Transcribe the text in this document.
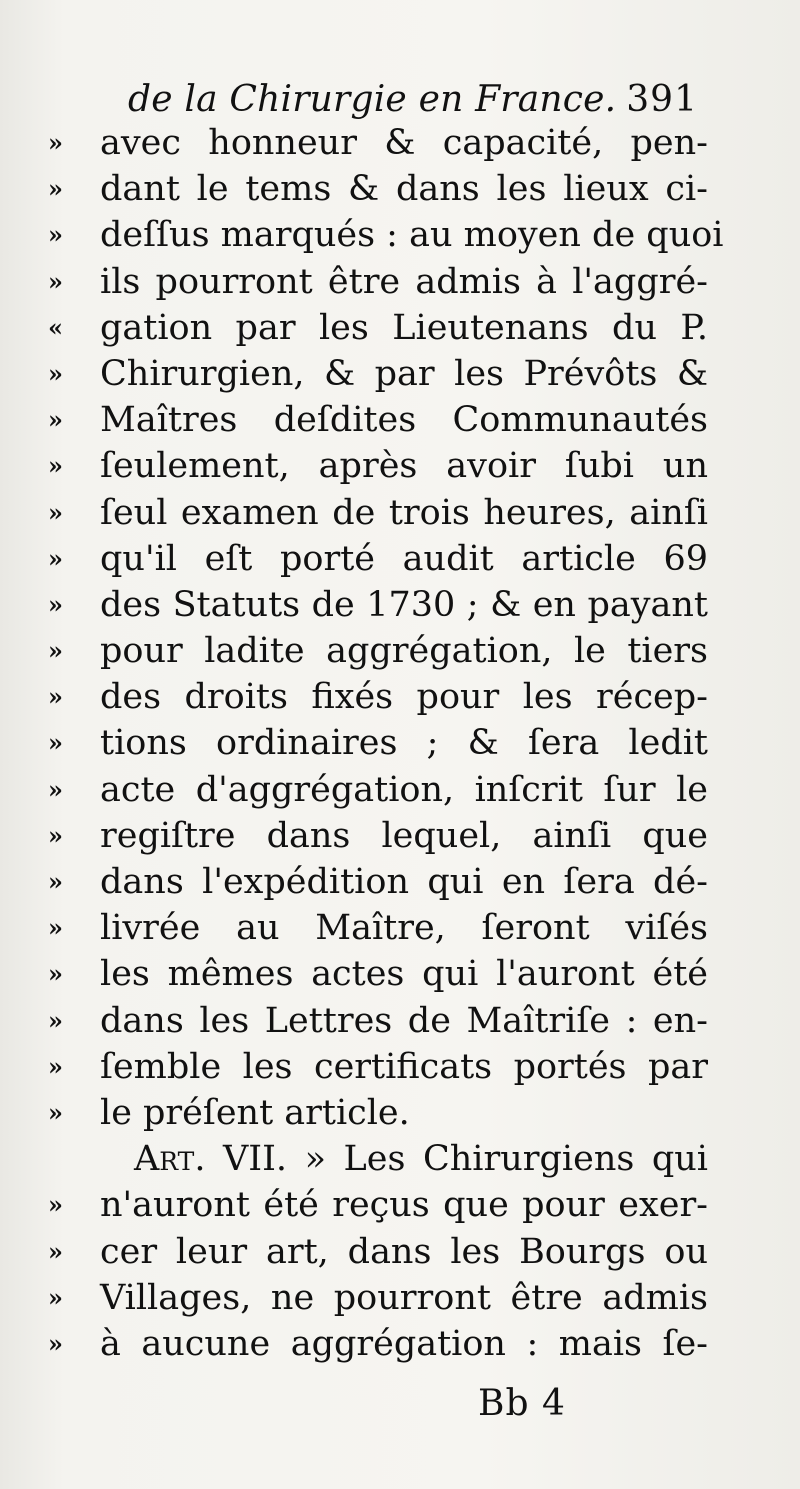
de la Chirurgie en France. 391
»	avec honneur & capacité, pen-
»	dant le tems & dans les lieux ci-
»	deſſus marqués : au moyen de quoi
»	ils pourront être admis à l'aggré-
«	gation par les Lieutenans du P.
»	Chirurgien, & par les Prévôts &
»	Maîtres deſdites Communautés
»	ſeulement, après avoir ſubi un
»	ſeul examen de trois heures, ainſi
»	qu'il eſt porté audit article 69
»	des Statuts de 1730 ; & en payant
»	pour ladite aggrégation, le tiers
»	des droits fixés pour les récep-
»	tions ordinaires ; & ſera ledit
»	acte d'aggrégation, inſcrit ſur le
»	regiſtre dans lequel, ainſi que
»	dans l'expédition qui en ſera dé-
»	livrée au Maître, ſeront viſés
»	les mêmes actes qui l'auront été
»	dans les Lettres de Maîtriſe : en-
»	ſemble les certificats portés par
»	le préſent article.
Art. VII. » Les Chirurgiens qui
»	n'auront été reçus que pour exer-
»	cer leur art, dans les Bourgs ou
»	Villages, ne pourront être admis
»	à aucune aggrégation : mais ſe-
Bb 4
